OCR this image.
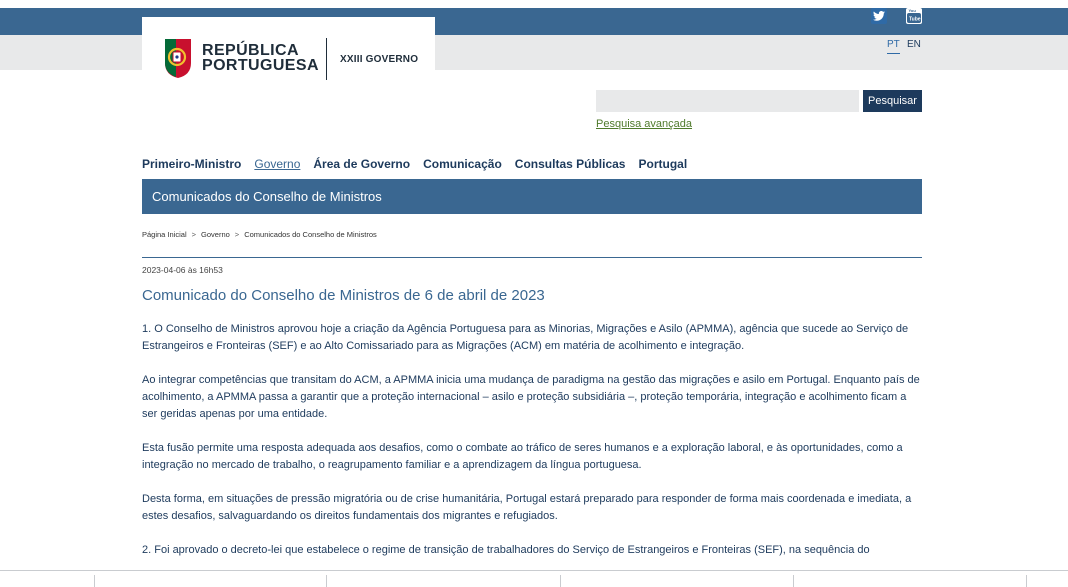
You
Tube
PT EN
REPÚBLICA
PORTUGUESA XXIII GOVERNO
Pesquisar
Pesquisa avançada
Primeiro-Ministro Governo Área de Governo Comunicação Consultas Públicas Portugal
Comunicados do Conselho de Ministros
Página Inicial > Governo > Comunicados do Conselho de Ministros
2023-04-06 às 16h53
Comunicado do Conselho de Ministros de 6 de abril de 2023

1. O Conselho de Ministros aprovou hoje a criação da Agência Portuguesa para as Minorias, Migrações e Asilo (APMMA), agência que sucede ao Serviço de Estrangeiros e Fronteiras (SEF) e ao Alto Comissariado para as Migrações (ACM) em matéria de acolhimento e integração.

Ao integrar competências que transitam do ACM, a APMMA inicia uma mudança de paradigma na gestão das migrações e asilo em Portugal. Enquanto país de acolhimento, a APMMA passa a garantir que a proteção internacional – asilo e proteção subsidiária –, proteção temporária, integração e acolhimento ficam a ser geridas apenas por uma entidade.

Esta fusão permite uma resposta adequada aos desafios, como o combate ao tráfico de seres humanos e a exploração laboral, e às oportunidades, como a integração no mercado de trabalho, o reagrupamento familiar e a aprendizagem da língua portuguesa.

Desta forma, em situações de pressão migratória ou de crise humanitária, Portugal estará preparado para responder de forma mais coordenada e imediata, a estes desafios, salvaguardando os direitos fundamentais dos migrantes e refugiados.

2. Foi aprovado o decreto-lei que estabelece o regime de transição de trabalhadores do Serviço de Estrangeiros e Fronteiras (SEF), na sequência do
